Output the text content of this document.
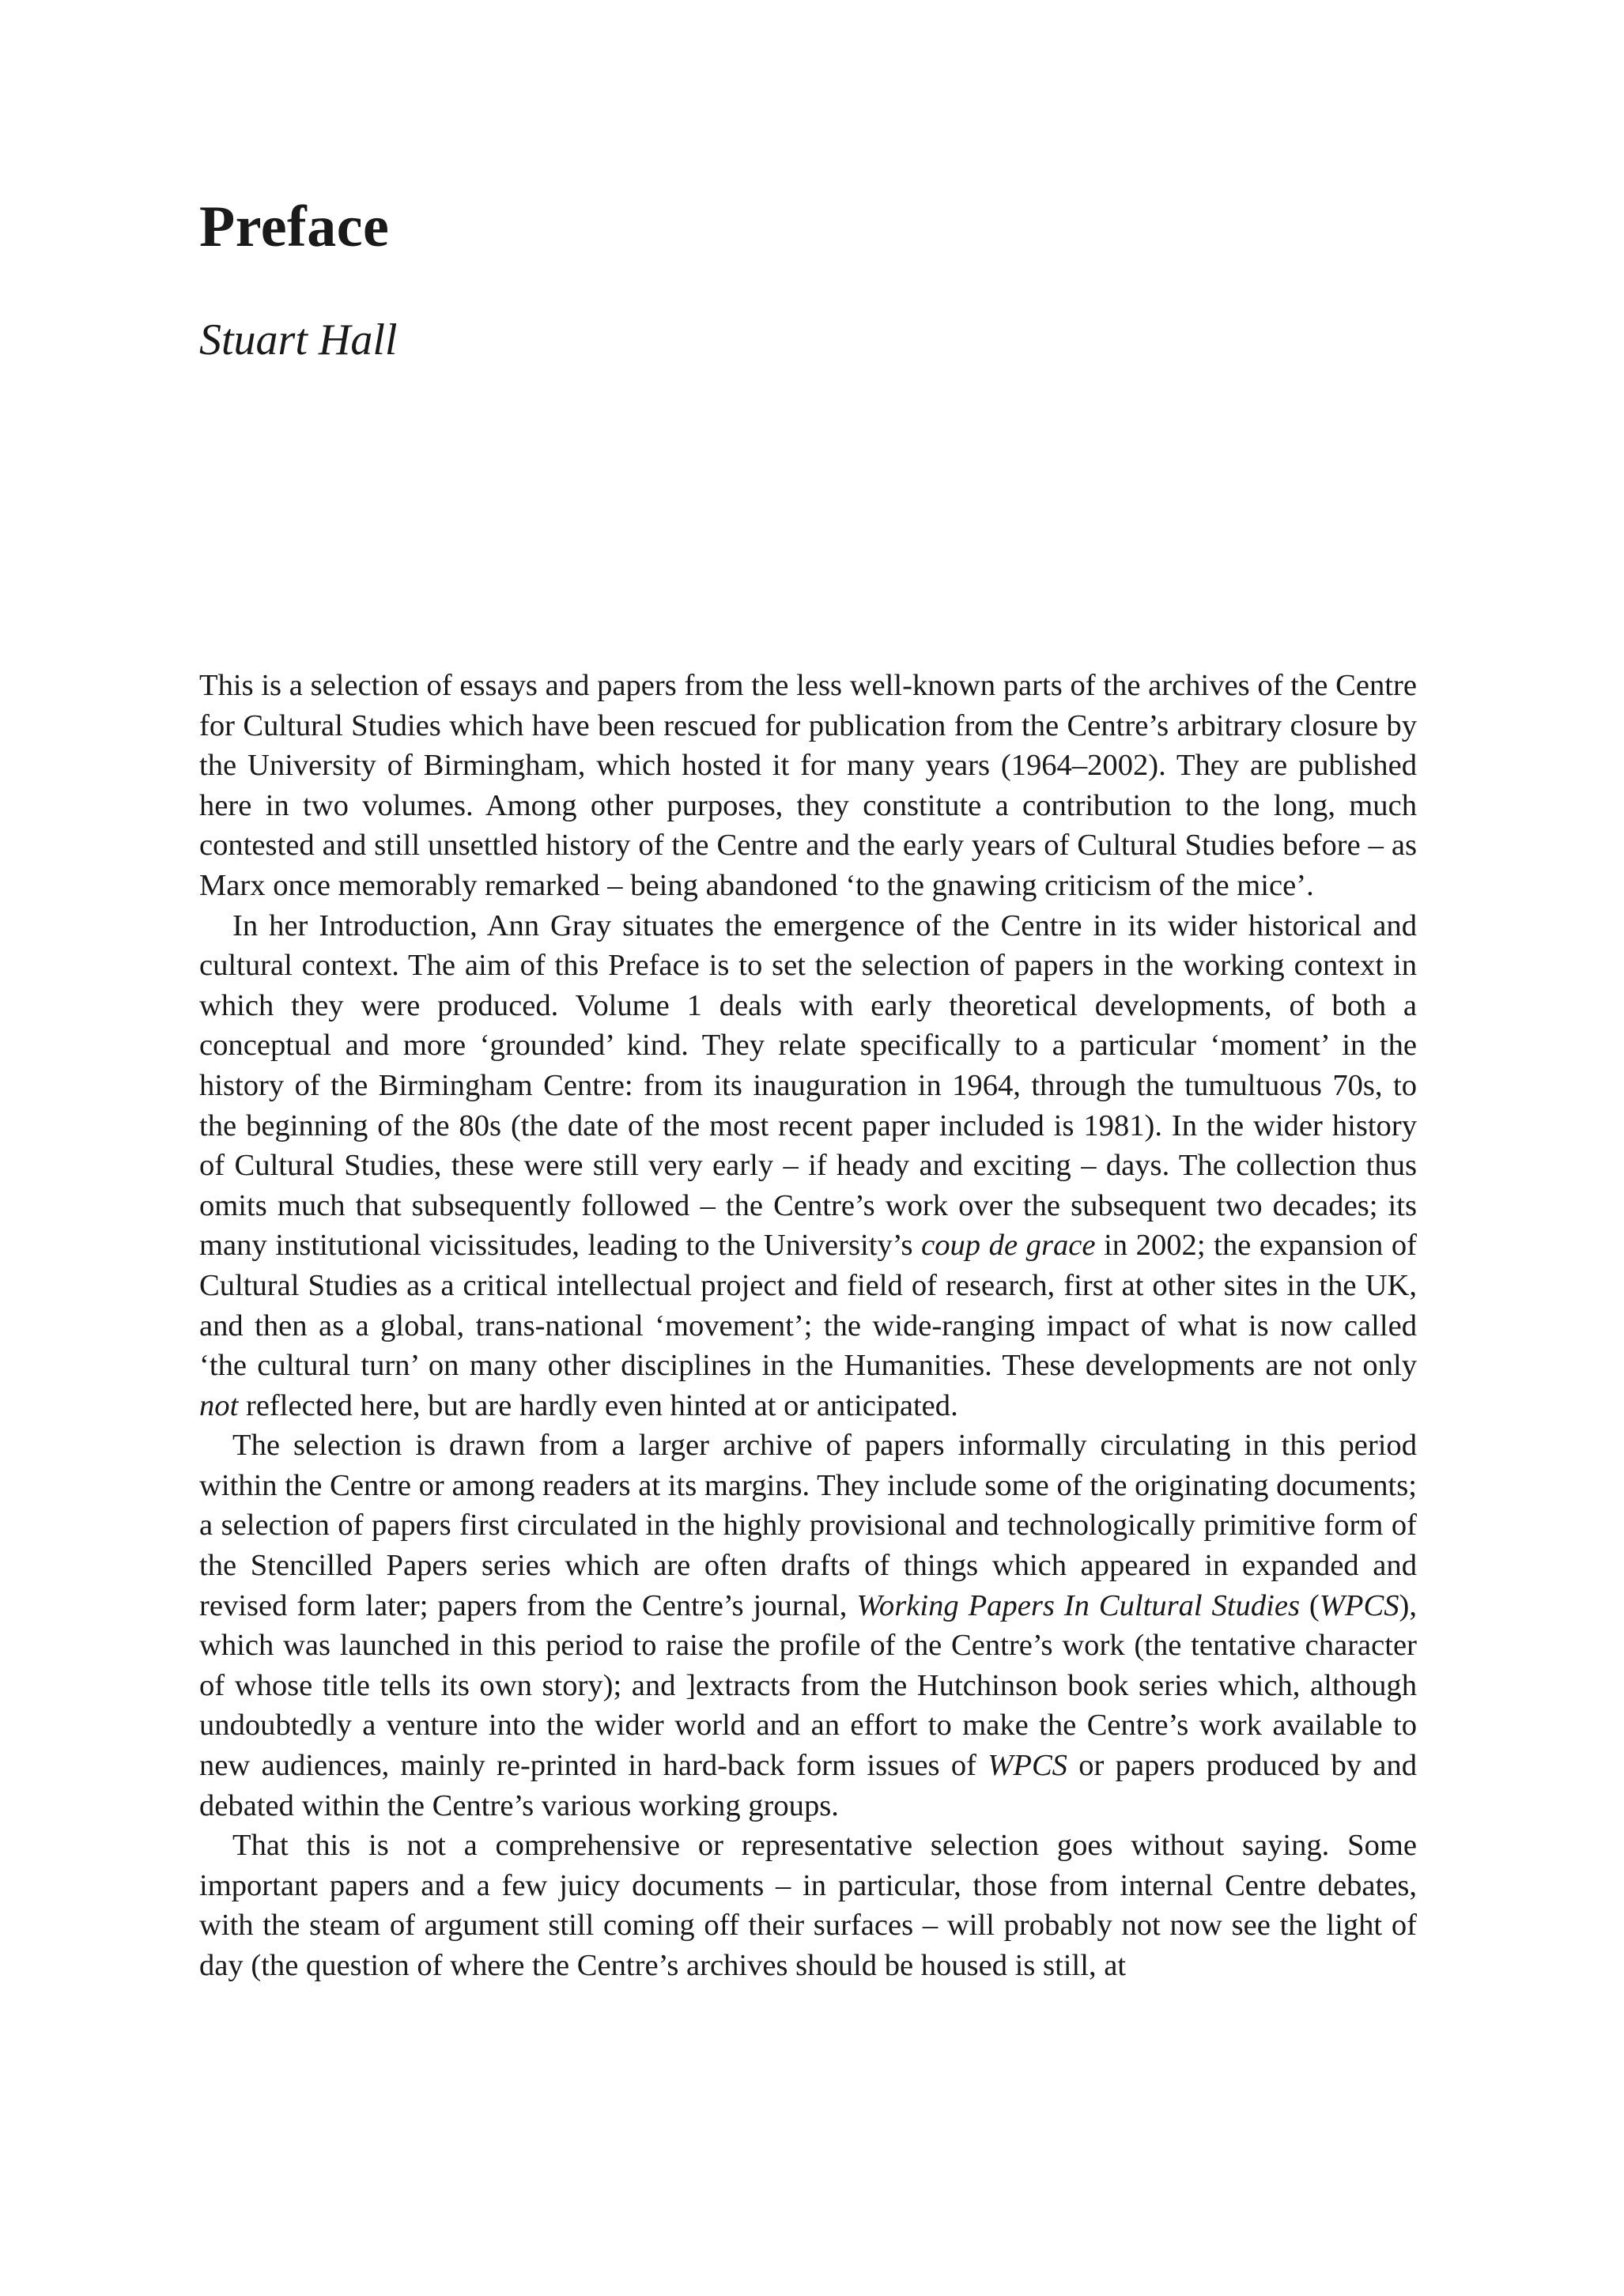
Preface
Stuart Hall

This is a selection of essays and papers from the less well-known parts of the archives of the Centre for Cultural Studies which have been rescued for publication from the Centre’s arbitrary closure by the University of Birmingham, which hosted it for many years (1964–2002). They are published here in two volumes. Among other purposes, they constitute a contribution to the long, much contested and still unsettled history of the Centre and the early years of Cultural Studies before – as Marx once memorably remarked – being abandoned ‘to the gnawing criticism of the mice’.

In her Introduction, Ann Gray situates the emergence of the Centre in its wider historical and cultural context. The aim of this Preface is to set the selection of papers in the working context in which they were produced. Volume 1 deals with early theoretical developments, of both a conceptual and more ‘grounded’ kind. They relate specifically to a particular ‘moment’ in the history of the Birmingham Centre: from its inauguration in 1964, through the tumultuous 70s, to the beginning of the 80s (the date of the most recent paper included is 1981). In the wider history of Cultural Studies, these were still very early – if heady and exciting – days. The collection thus omits much that subsequently followed – the Centre’s work over the subsequent two decades; its many institutional vicissitudes, leading to the University’s coup de grace in 2002; the expansion of Cultural Studies as a critical intellectual project and field of research, first at other sites in the UK, and then as a global, trans-national ‘movement’; the wide-ranging impact of what is now called ‘the cultural turn’ on many other disciplines in the Humanities. These developments are not only not reflected here, but are hardly even hinted at or anticipated.

The selection is drawn from a larger archive of papers informally circulating in this period within the Centre or among readers at its margins. They include some of the originating documents; a selection of papers first circulated in the highly provisional and technologically primitive form of the Stencilled Papers series which are often drafts of things which appeared in expanded and revised form later; papers from the Centre’s journal, Working Papers In Cultural Studies (WPCS), which was launched in this period to raise the profile of the Centre’s work (the tentative character of whose title tells its own story); and ]extracts from the Hutchinson book series which, although undoubtedly a venture into the wider world and an effort to make the Centre’s work available to new audiences, mainly re-printed in hard-back form issues of WPCS or papers produced by and debated within the Centre’s various working groups.

That this is not a comprehensive or representative selection goes without saying. Some important papers and a few juicy documents – in particular, those from internal Centre debates, with the steam of argument still coming off their surfaces – will probably not now see the light of day (the question of where the Centre’s archives should be housed is still, at
